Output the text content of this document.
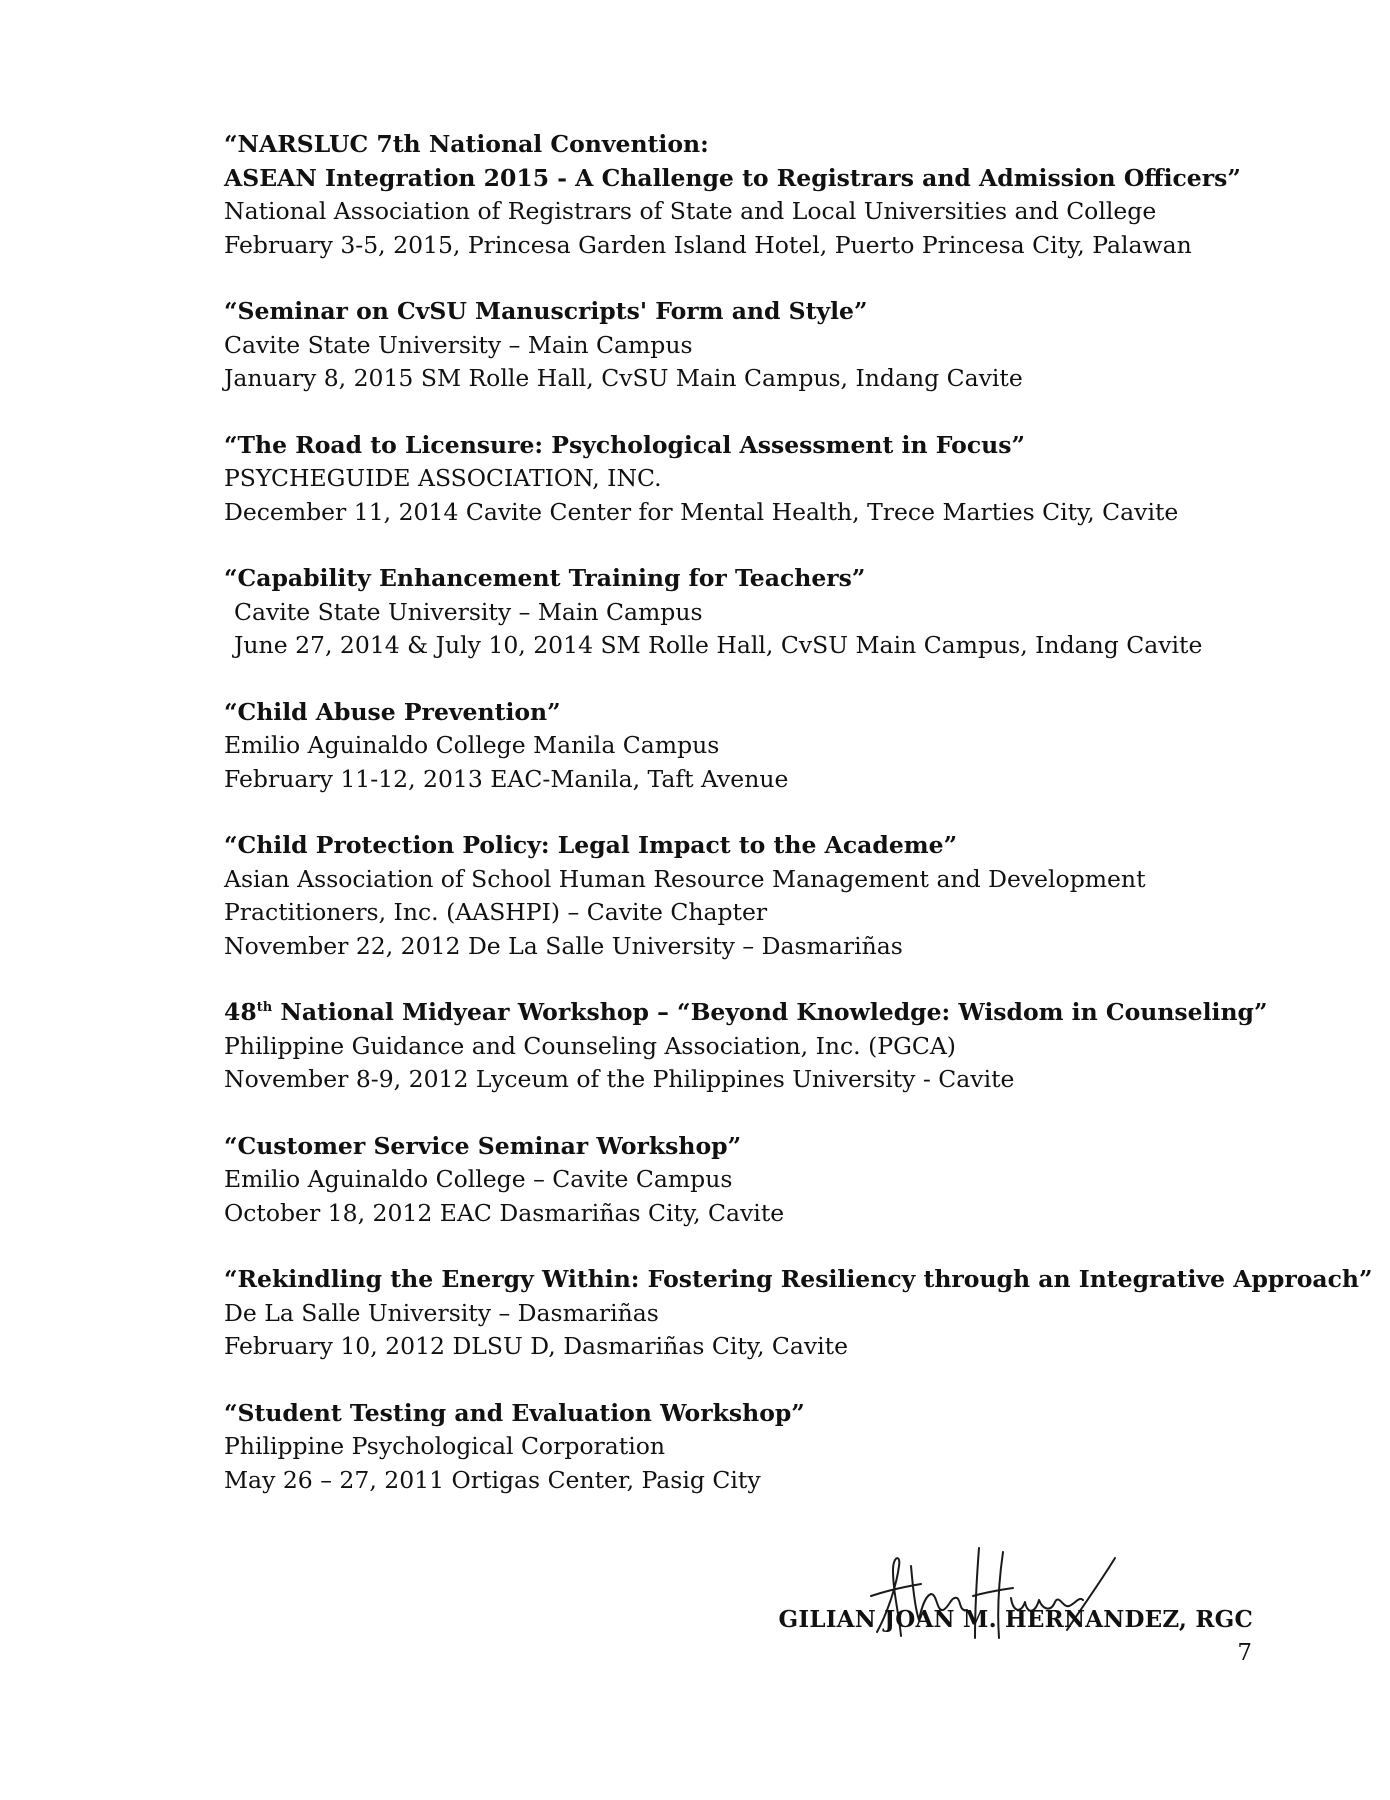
“NARSLUC 7th National Convention:
ASEAN Integration 2015 - A Challenge to Registrars and Admission Officers”
National Association of Registrars of State and Local Universities and College
February 3-5, 2015, Princesa Garden Island Hotel, Puerto Princesa City, Palawan
“Seminar on CvSU Manuscripts' Form and Style”
Cavite State University – Main Campus
January 8, 2015 SM Rolle Hall, CvSU Main Campus, Indang Cavite
“The Road to Licensure: Psychological Assessment in Focus”
PSYCHEGUIDE ASSOCIATION, INC.
December 11, 2014 Cavite Center for Mental Health, Trece Marties City, Cavite
“Capability Enhancement Training for Teachers”
Cavite State University – Main Campus
June 27, 2014 & July 10, 2014 SM Rolle Hall, CvSU Main Campus, Indang Cavite
“Child Abuse Prevention”
Emilio Aguinaldo College Manila Campus
February 11-12, 2013 EAC-Manila, Taft Avenue
“Child Protection Policy: Legal Impact to the Academe”
Asian Association of School Human Resource Management and Development
Practitioners, Inc. (AASHPI) – Cavite Chapter
November 22, 2012 De La Salle University – Dasmariñas
48th National Midyear Workshop – “Beyond Knowledge: Wisdom in Counseling”
Philippine Guidance and Counseling Association, Inc. (PGCA)
November 8-9, 2012 Lyceum of the Philippines University - Cavite
“Customer Service Seminar Workshop”
Emilio Aguinaldo College – Cavite Campus
October 18, 2012 EAC Dasmariñas City, Cavite
“Rekindling the Energy Within: Fostering Resiliency through an Integrative Approach”
De La Salle University – Dasmariñas
February 10, 2012 DLSU D, Dasmariñas City, Cavite
“Student Testing and Evaluation Workshop”
Philippine Psychological Corporation
May 26 – 27, 2011 Ortigas Center, Pasig City
GILIAN JOAN M. HERNANDEZ, RGC
7
